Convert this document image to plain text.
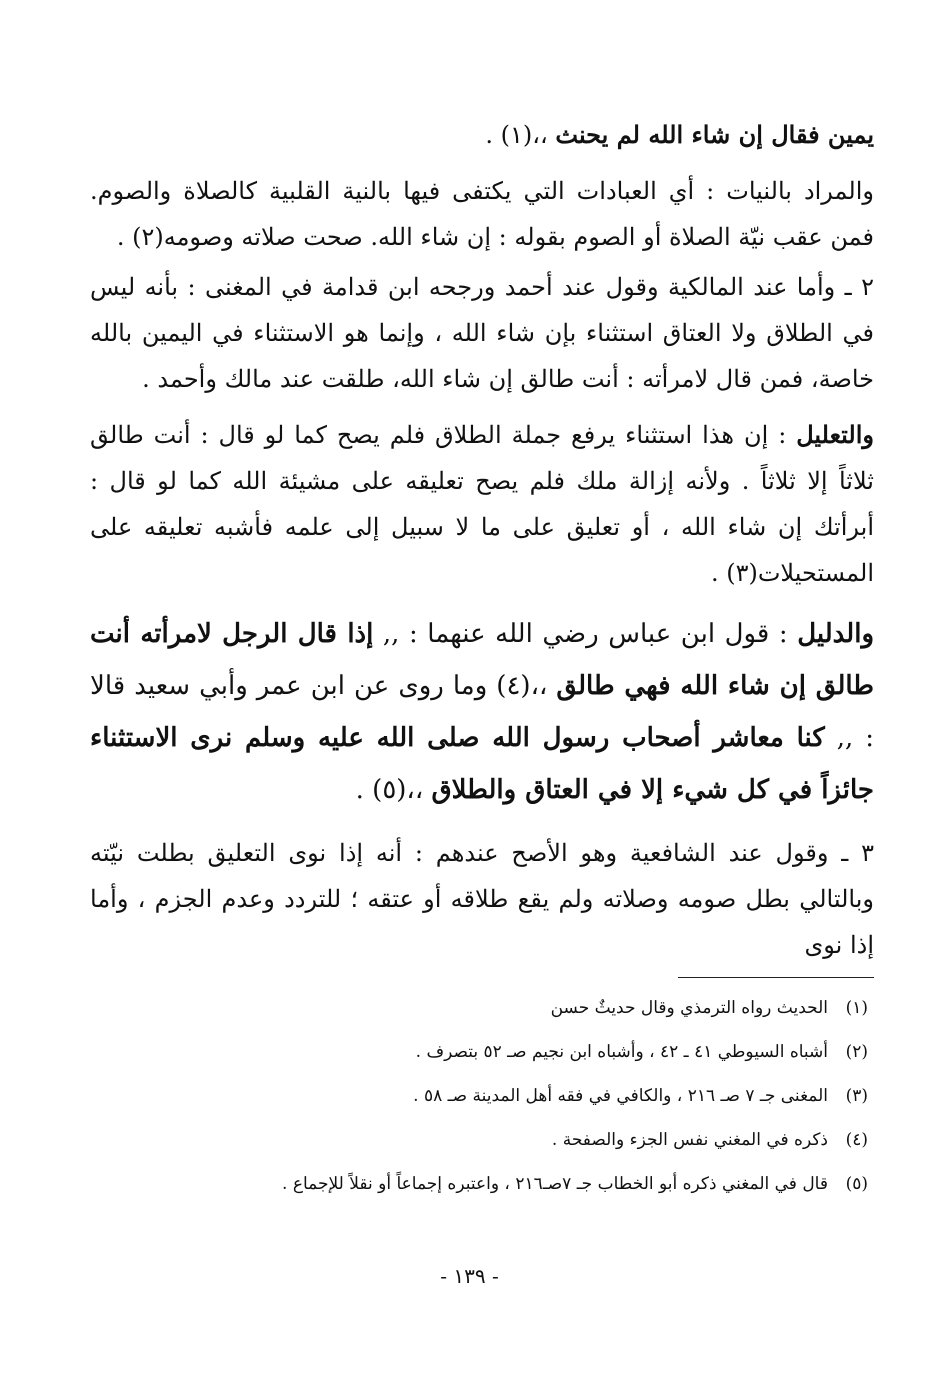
يمين فقال إن شاء الله لم يحنث ،،(١) .

والمراد بالنيات : أي العبادات التي يكتفى فيها بالنية القلبية كالصلاة والصوم. فمن عقب نيّة الصلاة أو الصوم بقوله : إن شاء الله. صحت صلاته وصومه(٢) .

٢ ـ وأما عند المالكية وقول عند أحمد ورجحه ابن قدامة في المغنى : بأنه ليس في الطلاق ولا العتاق استثناء بإن شاء الله ، وإنما هو الاستثناء في اليمين بالله خاصة، فمن قال لامرأته : أنت طالق إن شاء الله، طلقت عند مالك وأحمد .

والتعليل : إن هذا استثناء يرفع جملة الطلاق فلم يصح كما لو قال : أنت طالق ثلاثاً إلا ثلاثاً . ولأنه إزالة ملك فلم يصح تعليقه على مشيئة الله كما لو قال : أبرأتك إن شاء الله ، أو تعليق على ما لا سبيل إلى علمه فأشبه تعليقه على المستحيلات(٣) .

والدليل : قول ابن عباس رضي الله عنهما : ,, إذا قال الرجل لامرأته أنت طالق إن شاء الله فهي طالق ،،(٤) وما روى عن ابن عمر وأبي سعيد قالا : ,, كنا معاشر أصحاب رسول الله صلى الله عليه وسلم نرى الاستثناء جائزاً في كل شيء إلا في العتاق والطلاق ،،(٥) .

٣ ـ وقول عند الشافعية وهو الأصح عندهم : أنه إذا نوى التعليق بطلت نيّته وبالتالي بطل صومه وصلاته ولم يقع طلاقه أو عتقه ؛ للتردد وعدم الجزم ، وأما إذا نوى

(١)الحديث رواه الترمذي وقال حديثٌ حسن
(٢)أشباه السيوطي ٤١ ـ ٤٢ ، وأشباه ابن نجيم صـ ٥٢ بتصرف .
(٣)المغنى جـ ٧ صـ ٢١٦ ، والكافي في فقه أهل المدينة صـ ٥٨ .
(٤)ذكره في المغني نفس الجزء والصفحة .
(٥)قال في المغني ذكره أبو الخطاب جـ ٧صـ٢١٦ ، واعتبره إجماعاً أو نقلاً للإجماع .
- ١٣٩ -
